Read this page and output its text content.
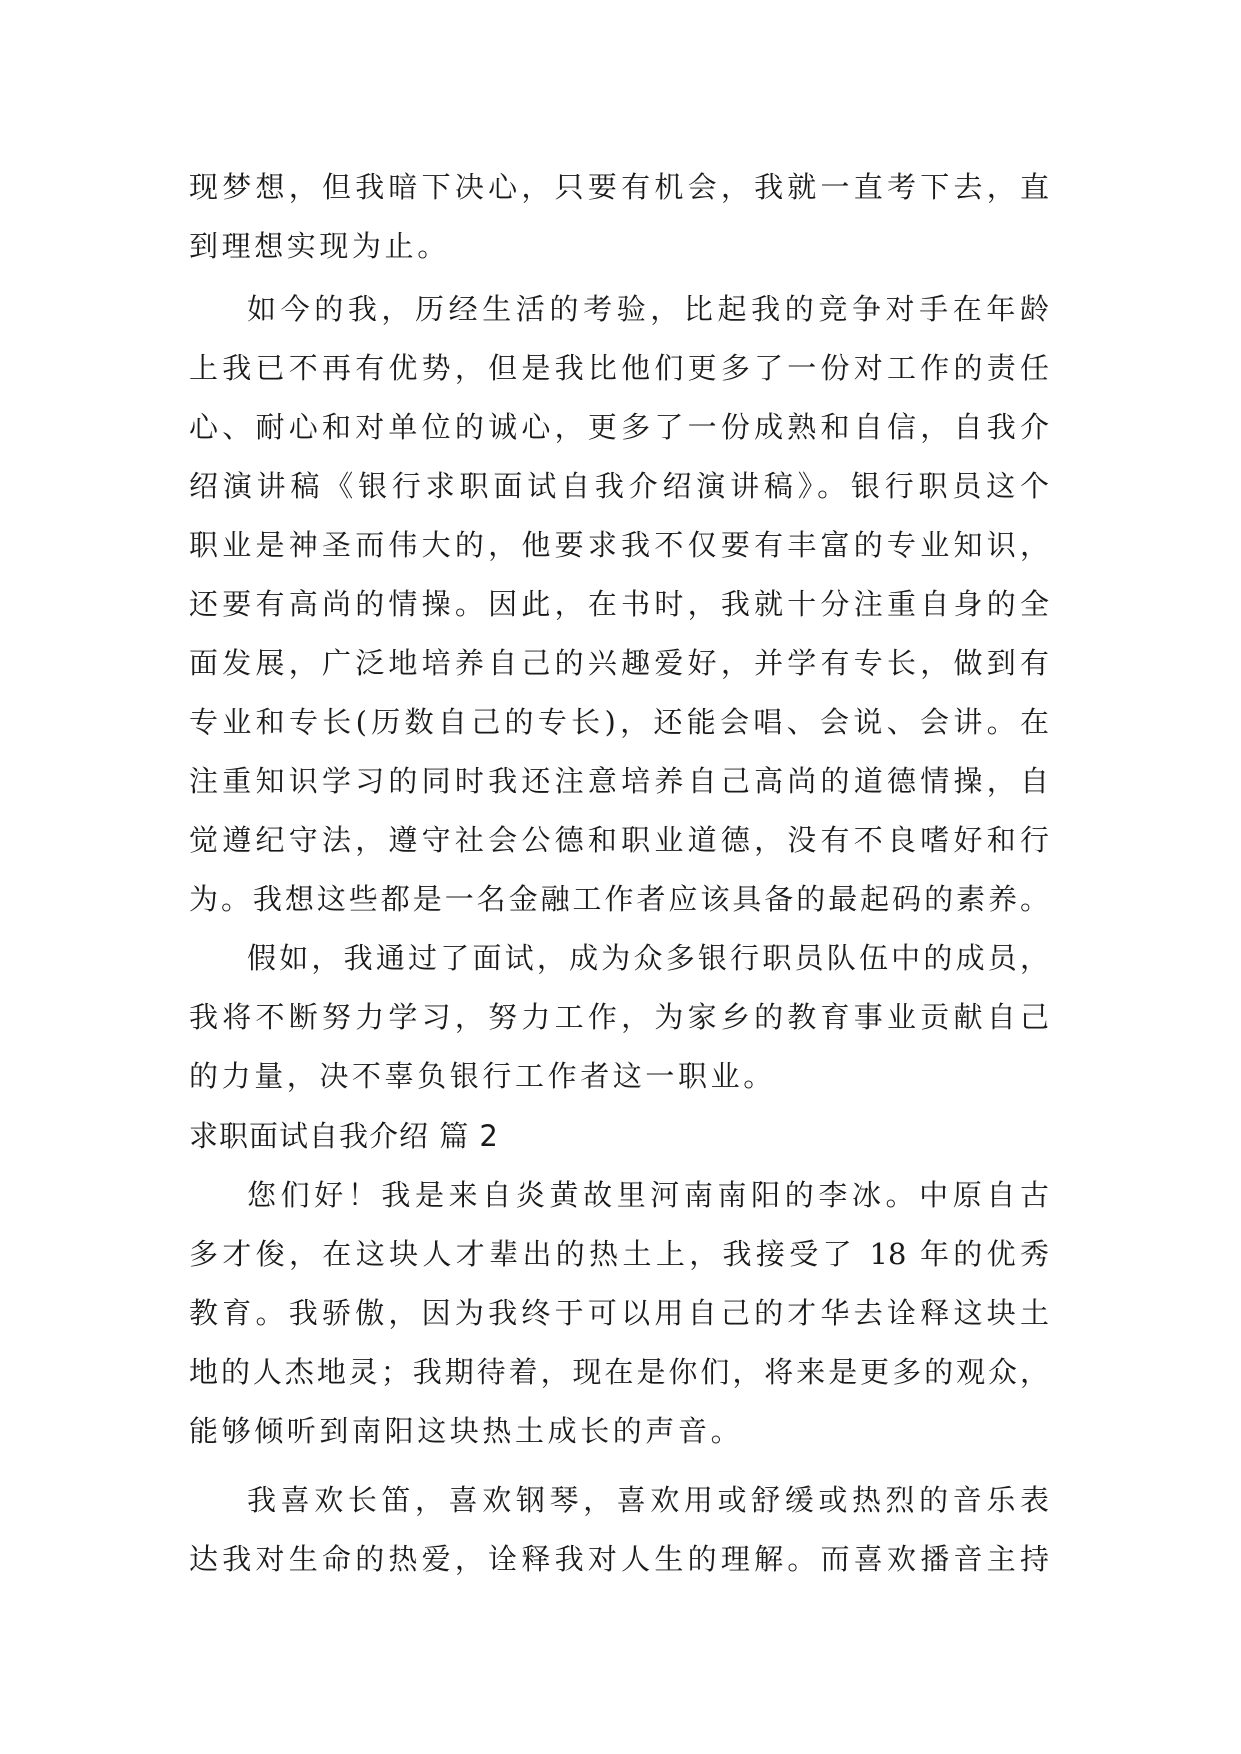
现梦想，但我暗下决心，只要有机会，我就一直考下去，直
到理想实现为止。
如今的我，历经生活的考验，比起我的竞争对手在年龄
上我已不再有优势，但是我比他们更多了一份对工作的责任
心、耐心和对单位的诚心，更多了一份成熟和自信，自我介
绍演讲稿《银行求职面试自我介绍演讲稿》。银行职员这个
职业是神圣而伟大的，他要求我不仅要有丰富的专业知识，
还要有高尚的情操。因此，在书时，我就十分注重自身的全
面发展，广泛地培养自己的兴趣爱好，并学有专长，做到有
专业和专长(历数自己的专长)，还能会唱、会说、会讲。在
注重知识学习的同时我还注意培养自己高尚的道德情操，自
觉遵纪守法，遵守社会公德和职业道德，没有不良嗜好和行
为。我想这些都是一名金融工作者应该具备的最起码的素养。
假如，我通过了面试，成为众多银行职员队伍中的成员，
我将不断努力学习，努力工作，为家乡的教育事业贡献自己
的力量，决不辜负银行工作者这一职业。
求职面试自我介绍 篇 2
您们好！我是来自炎黄故里河南南阳的李冰。中原自古
多才俊，在这块人才辈出的热土上，我接受了 18 年的优秀
教育。我骄傲，因为我终于可以用自己的才华去诠释这块土
地的人杰地灵；我期待着，现在是你们，将来是更多的观众，
能够倾听到南阳这块热土成长的声音。
我喜欢长笛，喜欢钢琴，喜欢用或舒缓或热烈的音乐表
达我对生命的热爱，诠释我对人生的理解。而喜欢播音主持
